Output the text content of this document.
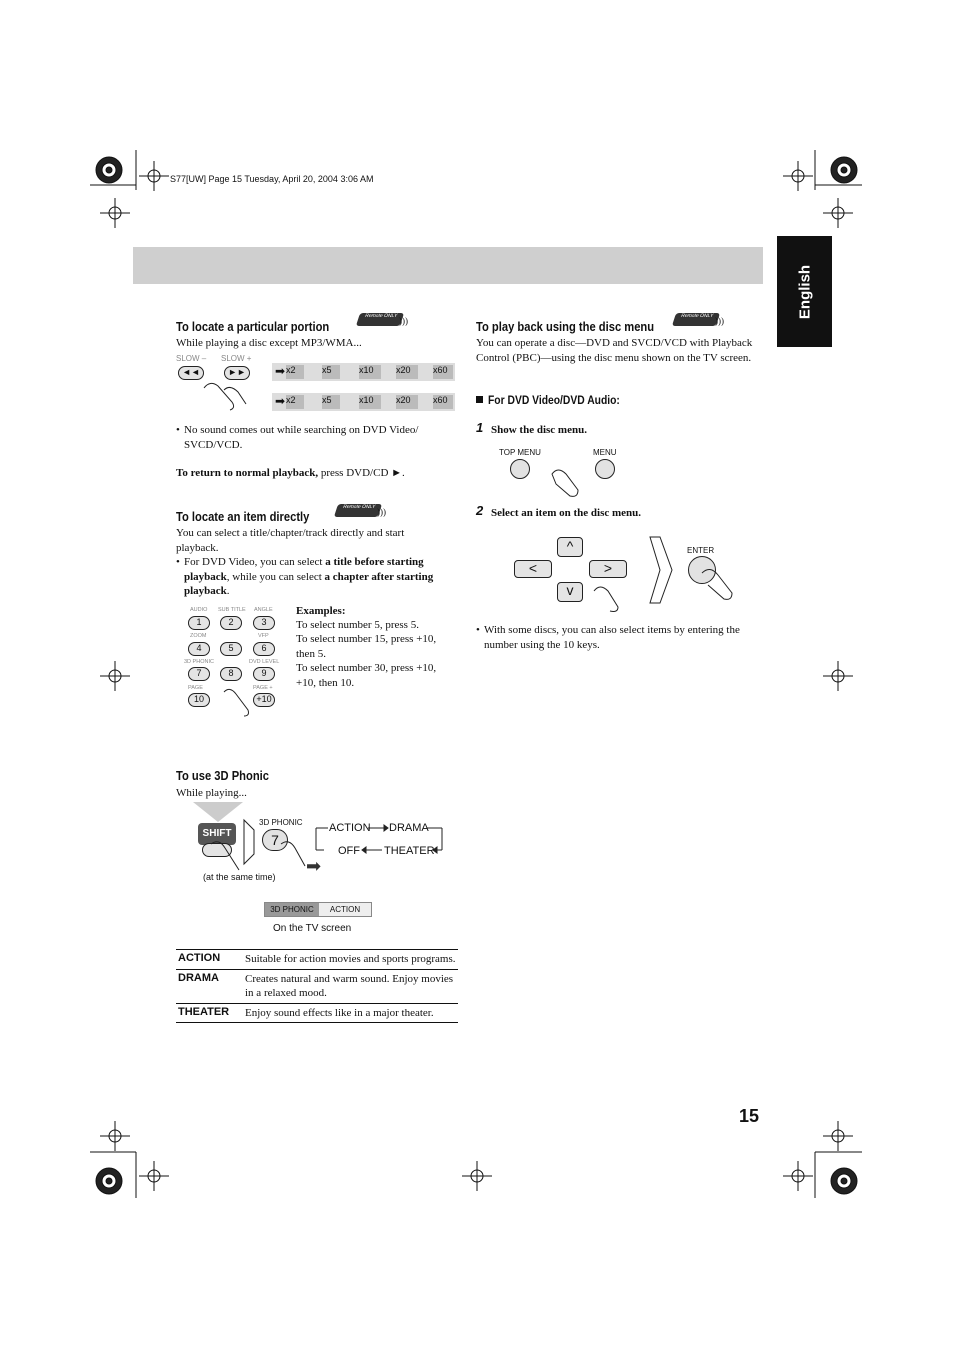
S77[UW] Page 15 Tuesday, April 20, 2004 3:06 AM
English
To locate a particular portion
Remote ONLY )))
While playing a disc except MP3/WMA...
SLOW – SLOW +
◄◄	►►	➡
➡
x2	x5	x10	x20	x60
x2	x5	x10	x20	x60
• No sound comes out while searching on DVD Video/ SVCD/VCD.
To return to normal playback, press DVD/CD ►.
To locate an item directly
Remote ONLY )))
You can select a title/chapter/track directly and start playback.
• For DVD Video, you can select a title before starting playback, while you can select a chapter after starting playback.
AUDIO SUB TITLE ANGLE
1	2	3
ZOOM	VFP
4	5	6
3D PHONIC	DVD LEVEL
7	8	9
PAGE	PAGE +
10	+10
Examples:
To select number 5, press 5.
To select number 15, press +10, then 5.
To select number 30, press +10, +10, then 10.
To use 3D Phonic
While playing...
SHIFT
3D PHONIC
7
➡
(at the same time)
ACTION DRAMA
THEATER
OFF
3D PHONIC	ACTION
On the TV screen
ACTION Suitable for action movies and sports programs.
DRAMA Creates natural and warm sound. Enjoy movies in a relaxed mood.
THEATER Enjoy sound effects like in a major theater.
To play back using the disc menu
Remote ONLY )))
You can operate a disc—DVD and SVCD/VCD with Playback Control (PBC)—using the disc menu shown on the TV screen.
For DVD Video/DVD Audio:
1 Show the disc menu.
TOP MENU	MENU
2 Select an item on the disc menu.
^
<	>
v
ENTER
• With some discs, you can also select items by entering the number using the 10 keys.
15
